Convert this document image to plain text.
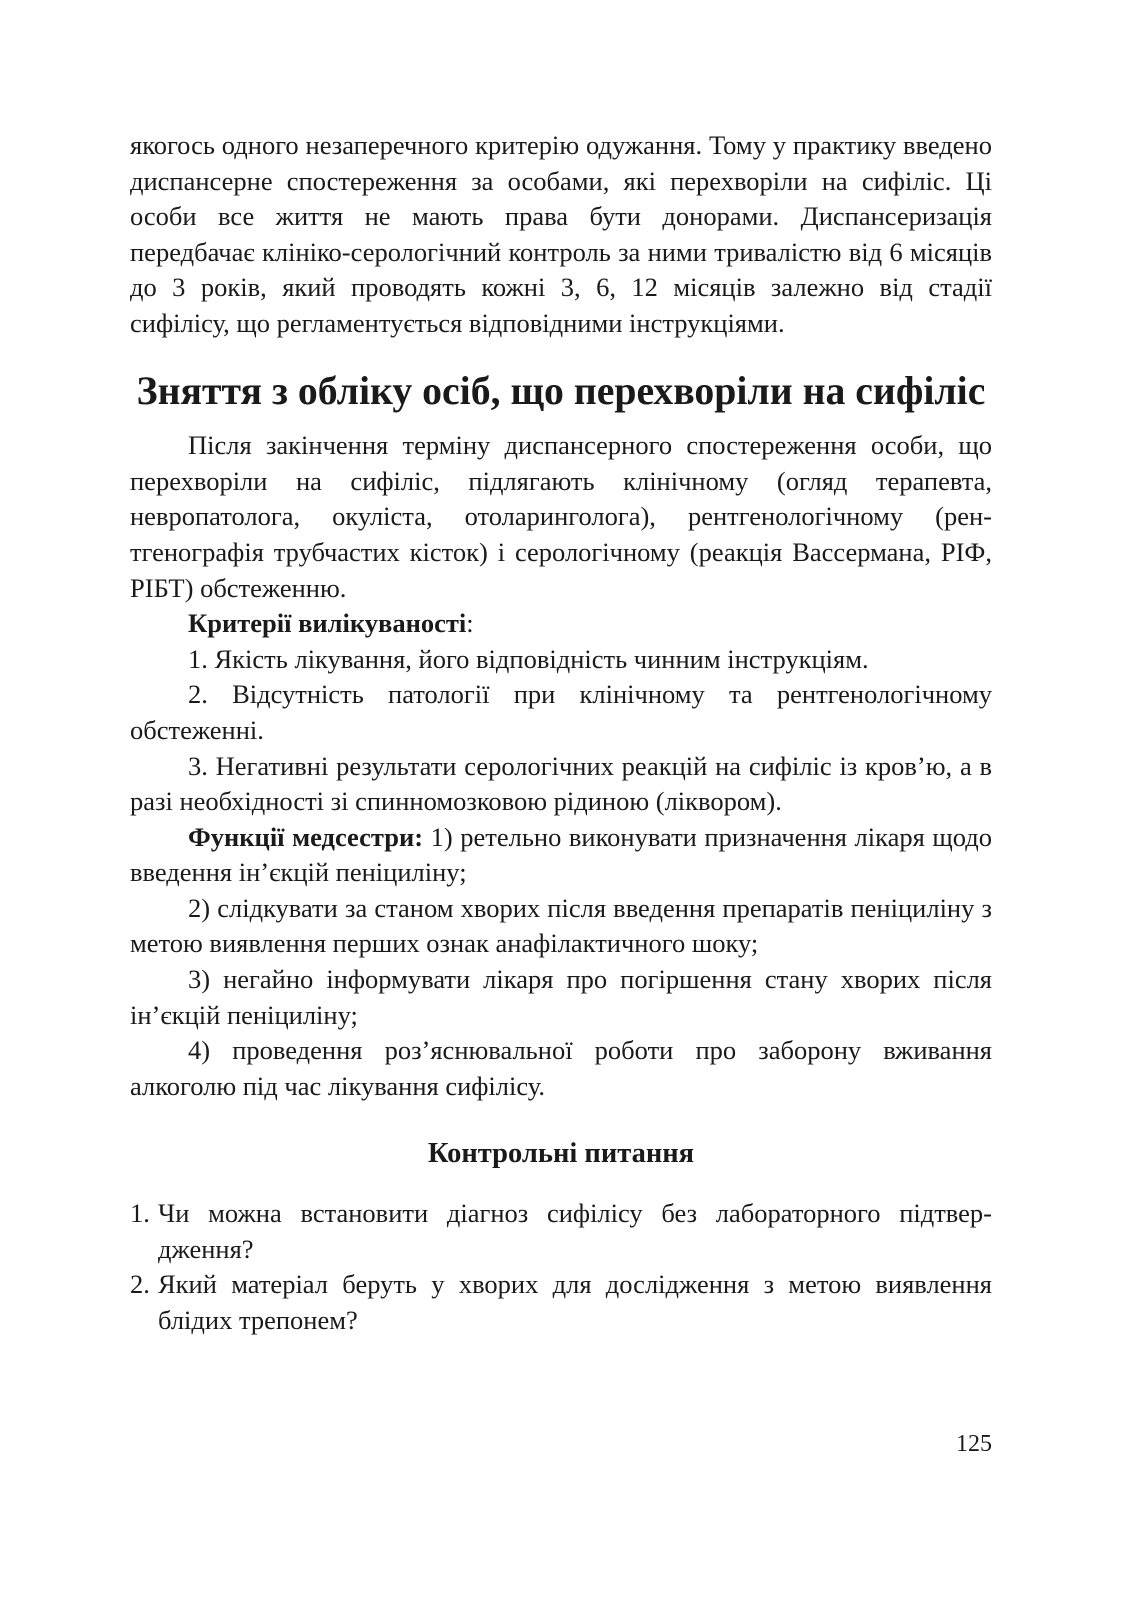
якогось одного незаперечного критерію одужання. Тому у практику введено диспансерне спостереження за особами, які перехворіли на сифіліс. Ці особи все життя не мають права бути донорами. Диспансеризація передбачає клініко-серологічний контроль за ними тривалістю від 6 місяців до 3 років, який проводять кожні 3, 6, 12 місяців залежно від стадії сифілісу, що регламентується відповідними інструкціями.

Зняття з обліку осіб, що перехворіли на сифіліс

Після закінчення терміну диспансерного спостереження особи, що перехворіли на сифіліс, підлягають клінічному (огляд терапевта, невропатолога, окуліста, отоларинголога), рентгенологічному (рентгенографія трубчастих кісток) і серологічному (реакція Вассермана, РІФ, РІБТ) обстеженню.

Критерії вилікуваності:

1. Якість лікування, його відповідність чинним інструкціям.

2. Відсутність патології при клінічному та рентгенологічному обстеженні.

3. Негативні результати серологічних реакцій на сифіліс із кров’ю, а в разі необхідності зі спинномозковою рідиною (ліквором).

Функції медсестри: 1) ретельно виконувати призначення лікаря щодо введення ін’єкцій пеніциліну;

2) слідкувати за станом хворих після введення препаратів пеніциліну з метою виявлення перших ознак анафілактичного шоку;

3) негайно інформувати лікаря про погіршення стану хворих після ін’єкцій пеніциліну;

4) проведення роз’яснювальної роботи про заборону вживання алкоголю під час лікування сифілісу.

Контрольні питання
1. Чи можна встановити діагноз сифілісу без лабораторного підтвердження?
2. Який матеріал беруть у хворих для дослідження з метою виявлення блідих трепонем?
125
